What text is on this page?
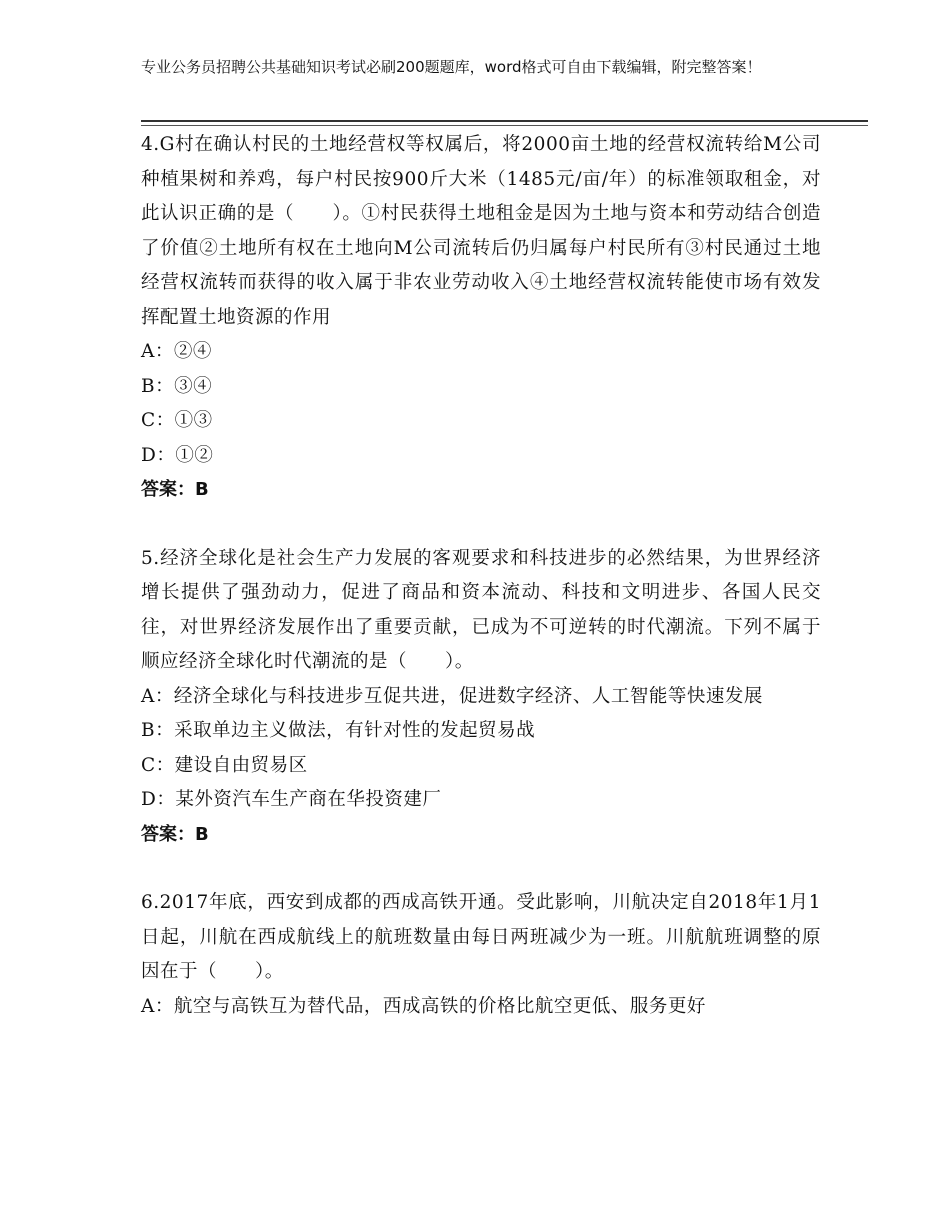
专业公务员招聘公共基础知识考试必刷200题题库，word格式可自由下载编辑，附完整答案！
4.G村在确认村民的土地经营权等权属后，将2000亩土地的经营权流转给M公司种植果树和养鸡，每户村民按900斤大米（1485元/亩/年）的标准领取租金，对此认识正确的是（　　）。①村民获得土地租金是因为土地与资本和劳动结合创造了价值②土地所有权在土地向M公司流转后仍归属每户村民所有③村民通过土地经营权流转而获得的收入属于非农业劳动收入④土地经营权流转能使市场有效发挥配置土地资源的作用
A：②④
B：③④
C：①③
D：①②
答案：B
5.经济全球化是社会生产力发展的客观要求和科技进步的必然结果，为世界经济增长提供了强劲动力，促进了商品和资本流动、科技和文明进步、各国人民交往，对世界经济发展作出了重要贡献，已成为不可逆转的时代潮流。下列不属于顺应经济全球化时代潮流的是（　　）。
A：经济全球化与科技进步互促共进，促进数字经济、人工智能等快速发展
B：采取单边主义做法，有针对性的发起贸易战
C：建设自由贸易区
D：某外资汽车生产商在华投资建厂
答案：B
6.2017年底，西安到成都的西成高铁开通。受此影响，川航决定自2018年1月1日起，川航在西成航线上的航班数量由每日两班减少为一班。川航航班调整的原因在于（　　）。
A：航空与高铁互为替代品，西成高铁的价格比航空更低、服务更好
